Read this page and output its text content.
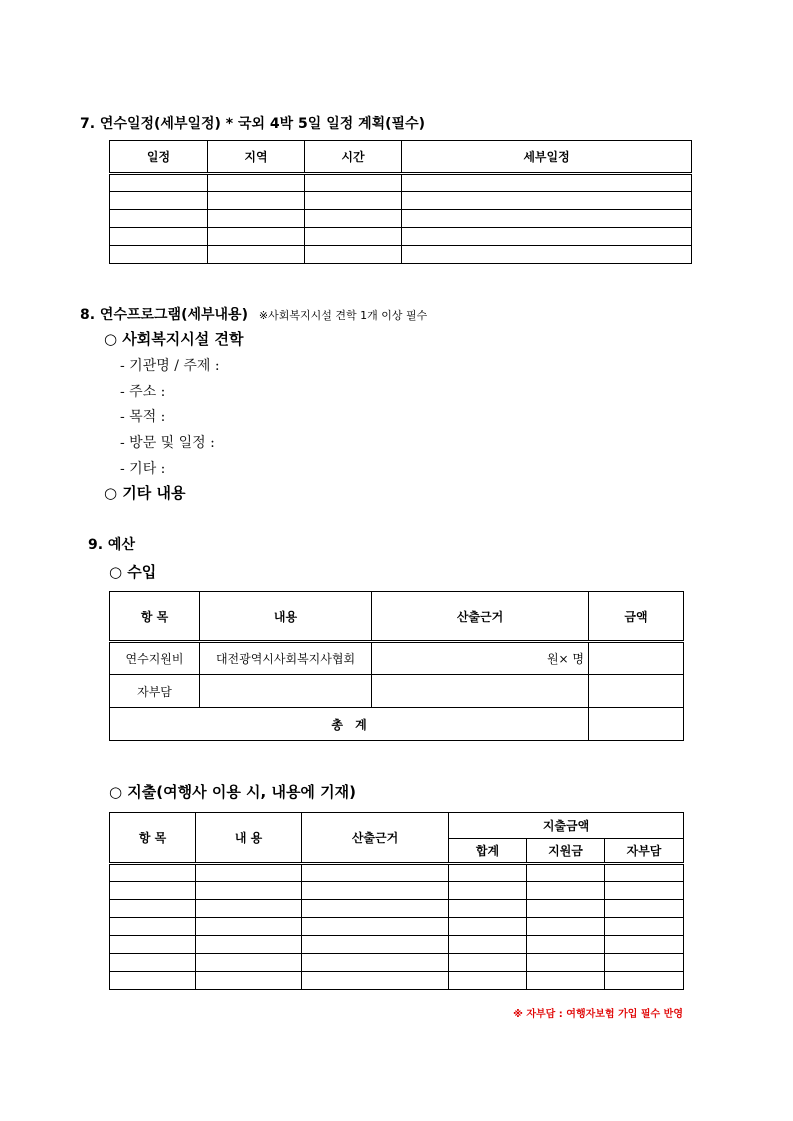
7. 연수일정(세부일정) * 국외 4박 5일 일정 계획(필수)
일정	지역	시간	세부일정

8. 연수프로그램(세부내용) ※사회복지시설 견학 1개 이상 필수
○ 사회복지시설 견학
- 기관명 / 주제 :
- 주소 :
- 목적 :
- 방문 및 일정 :
- 기타 :
○ 기타 내용
9. 예산
○ 수입
항 목	내용	산출근거	금액
연수지원비	대전광역시사회복지사협회	원× 명	
자부담			
총 계			
○ 지출(여행사 이용 시, 내용에 기재)
항 목	내 용	산출근거	지출금액		
			합계	지원금	자부담

※ 자부담 : 여행자보험 가입 필수 반영
